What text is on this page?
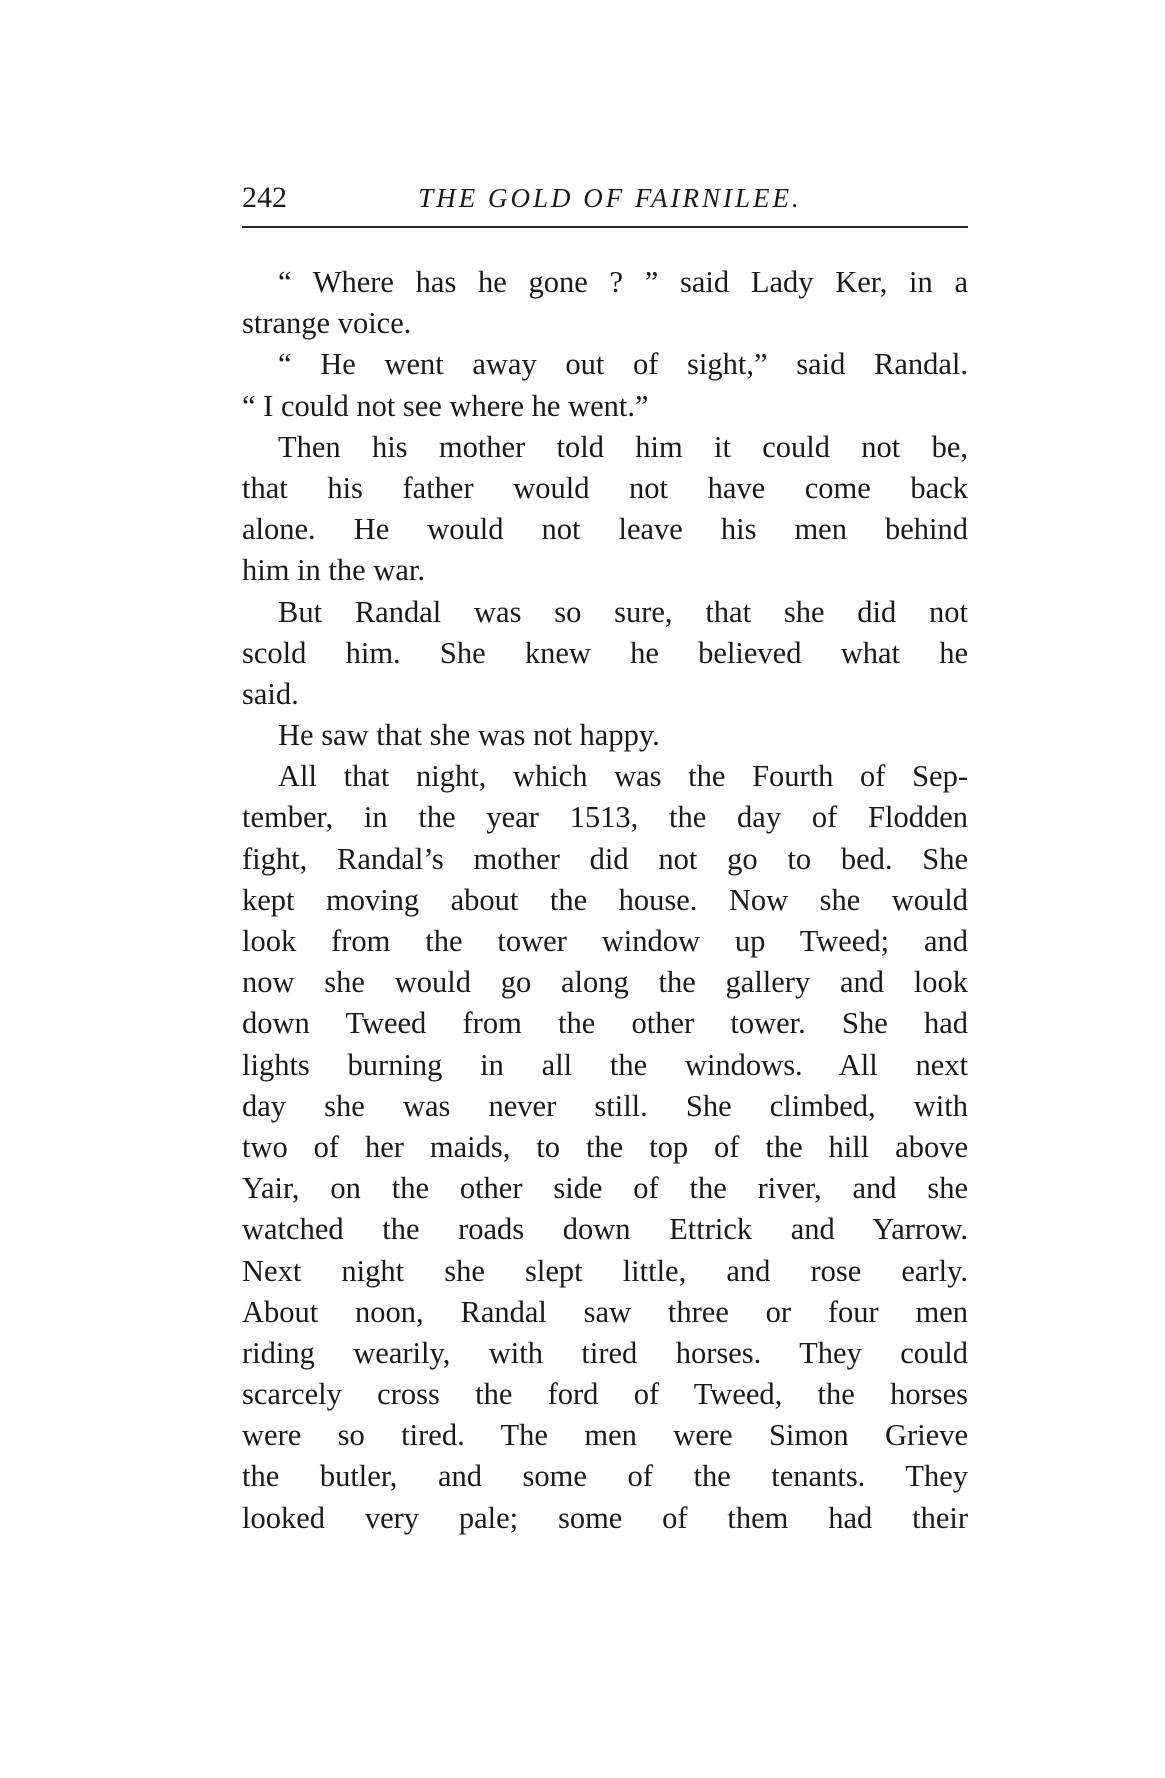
242	THE GOLD OF FAIRNILEE.
“ Where has he gone ? ” said Lady Ker, in a
strange voice.
“ He went away out of sight,” said Randal.
“ I could not see where he went.”
Then his mother told him it could not be,
that his father would not have come back
alone. He would not leave his men behind
him in the war.
But Randal was so sure, that she did not
scold him. She knew he believed what he
said.
He saw that she was not happy.
All that night, which was the Fourth of Sep-
tember, in the year 1513, the day of Flodden
fight, Randal’s mother did not go to bed. She
kept moving about the house. Now she would
look from the tower window up Tweed; and
now she would go along the gallery and look
down Tweed from the other tower. She had
lights burning in all the windows. All next
day she was never still. She climbed, with
two of her maids, to the top of the hill above
Yair, on the other side of the river, and she
watched the roads down Ettrick and Yarrow.
Next night she slept little, and rose early.
About noon, Randal saw three or four men
riding wearily, with tired horses. They could
scarcely cross the ford of Tweed, the horses
were so tired. The men were Simon Grieve
the butler, and some of the tenants. They
looked very pale; some of them had their
